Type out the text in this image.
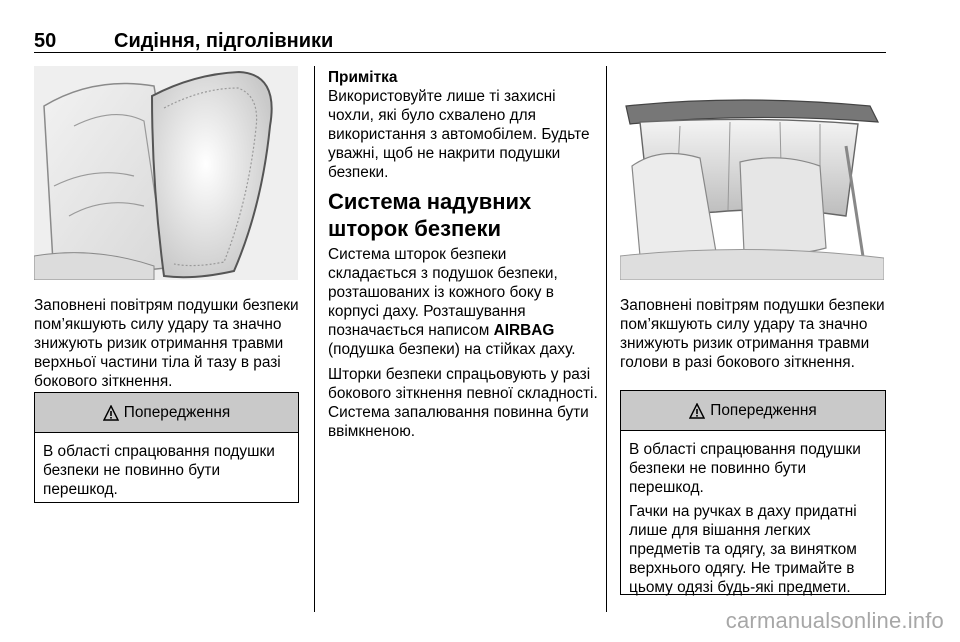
50	Сидіння, підголівники

Заповнені повітрям подушки безпеки пом’якшують силу удару та значно знижують ризик отримання травми верхньої частини тіла й тазу в разі бокового зіткнення.

Попередження

В області спрацювання подушки безпеки не повинно бути перешкод.

Примітка

Використовуйте лише ті захисні чохли, які було схвалено для використання з автомобілем. Будьте уважні, щоб не накрити подушки безпеки.

Система надувних шторок безпеки

Система шторок безпеки складається з подушок безпеки, розташованих із кожного боку в корпусі даху. Розташування позначається написом AIRBAG (подушка безпеки) на стійках даху.

Шторки безпеки спрацьовують у разі бокового зіткнення певної складності. Система запалювання повинна бути ввімкненою.

Заповнені повітрям подушки безпеки пом’якшують силу удару та значно знижують ризик отримання травми голови в разі бокового зіткнення.

Попередження

В області спрацювання подушки безпеки не повинно бути перешкод.

Гачки на ручках в даху придатні лише для вішання легких предметів та одягу, за винятком верхнього одягу. Не тримайте в цьому одязі будь-які предмети.

carmanualsonline.info
